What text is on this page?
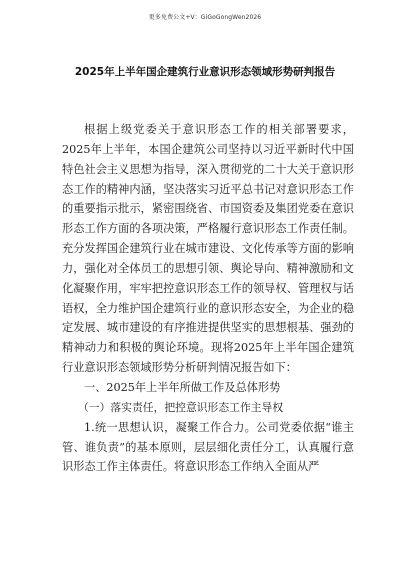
更多免费公文+V：GiGoGongWen2026
2025年上半年国企建筑行业意识形态领域形势研判报告

根据上级党委关于意识形态工作的相关部署要求，2025年上半年，本国企建筑公司坚持以习近平新时代中国特色社会主义思想为指导，深入贯彻党的二十大关于意识形态工作的精神内涵，坚决落实习近平总书记对意识形态工作的重要指示批示，紧密围绕省、市国资委及集团党委在意识形态工作方面的各项决策，严格履行意识形态工作责任制。充分发挥国企建筑行业在城市建设、文化传承等方面的影响力，强化对全体员工的思想引领、舆论导向、精神激励和文化凝聚作用，牢牢把控意识形态工作的领导权、管理权与话语权，全力维护国企建筑行业的意识形态安全，为企业的稳定发展、城市建设的有序推进提供坚实的思想根基、强劲的精神动力和积极的舆论环境。现将2025年上半年国企建筑行业意识形态领域形势分析研判情况报告如下：

一、2025年上半年所做工作及总体形势

（一）落实责任，把控意识形态工作主导权

1.统一思想认识，凝聚工作合力。公司党委依据“谁主管、谁负责”的基本原则，层层细化责任分工，认真履行意识形态工作主体责任。将意识形态工作纳入全面从严
